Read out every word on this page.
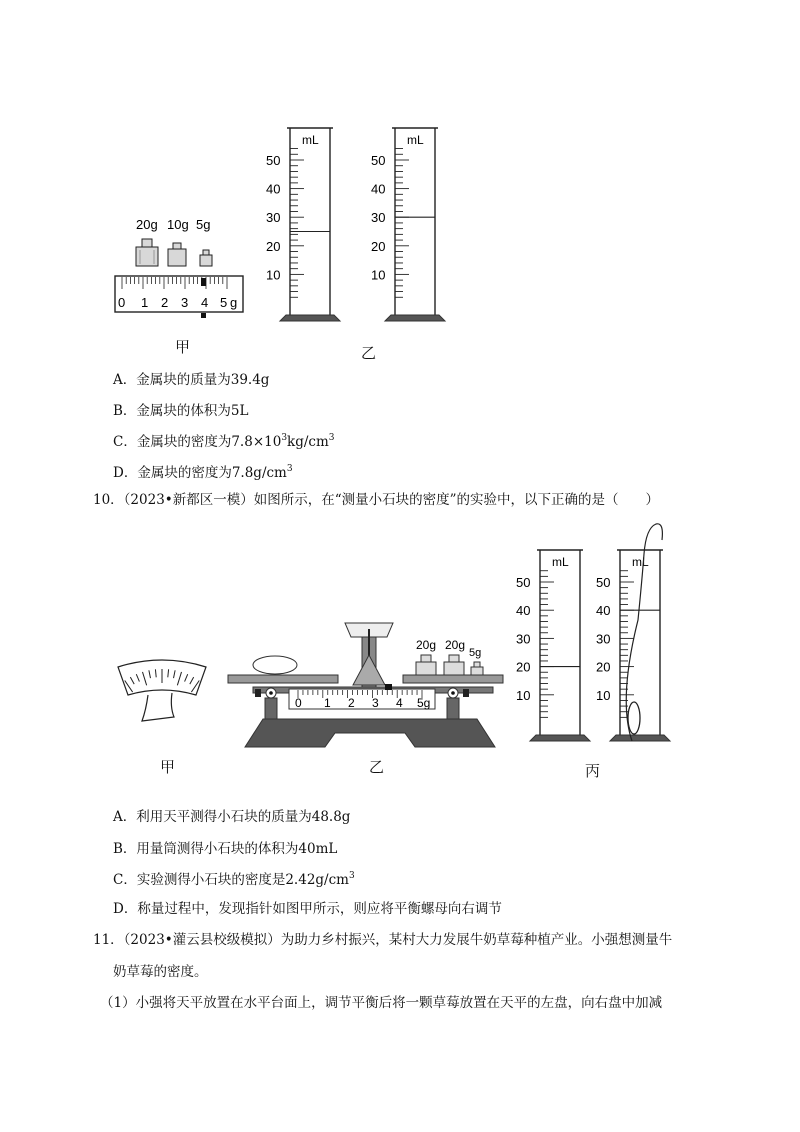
20g 10g 5g
0 1 2 3 4 5 g
甲
mL
50
40
30
20
10
mL
50
40
30
20
10
乙
A．金属块的质量为39.4g
B．金属块的体积为5L
C．金属块的密度为$7.8\times 10^3kg/cm^3$
D．金属块的密度为$7.8g/cm^3$
10．（2023•新都区一模）如图所示，在“测量小石块的密度”的实验中，以下正确的是（　　）
甲
20g 20g
5g
0 1 2 3 4 5g
乙
mL
50
40
30
20
10
mL
50
40
30
20
10
丙
A．利用天平测得小石块的质量为48.8g
B．用量筒测得小石块的体积为40mL
C．实验测得小石块的密度是$2.42g/cm^3$
D．称量过程中，发现指针如图甲所示，则应将平衡螺母向右调节
11．（2023•灌云县校级模拟）为助力乡村振兴，某村大力发展牛奶草莓种植产业。小强想测量牛
奶草莓的密度。
（1）小强将天平放置在水平台面上，调节平衡后将一颗草莓放置在天平的左盘，向右盘中加减
